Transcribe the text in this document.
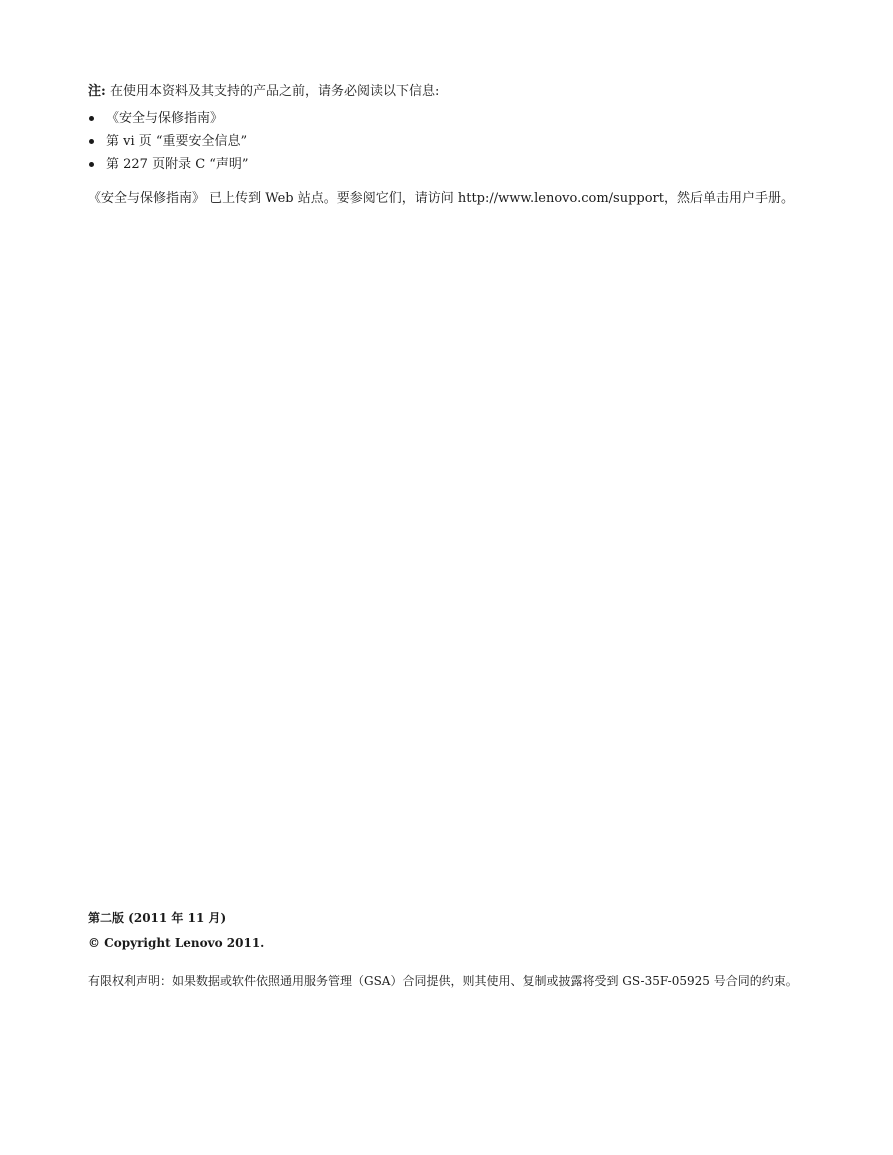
注: 在使用本资料及其支持的产品之前，请务必阅读以下信息:
《安全与保修指南》
第 vi 页 “重要安全信息”
第 227 页附录 C “声明”
《安全与保修指南》 已上传到 Web 站点。要参阅它们，请访问 http://www.lenovo.com/support，然后单击用户手册。
第二版 (2011 年 11 月)
© Copyright Lenovo 2011.
有限权利声明：如果数据或软件依照通用服务管理（GSA）合同提供，则其使用、复制或披露将受到 GS-35F-05925 号合同的约束。
